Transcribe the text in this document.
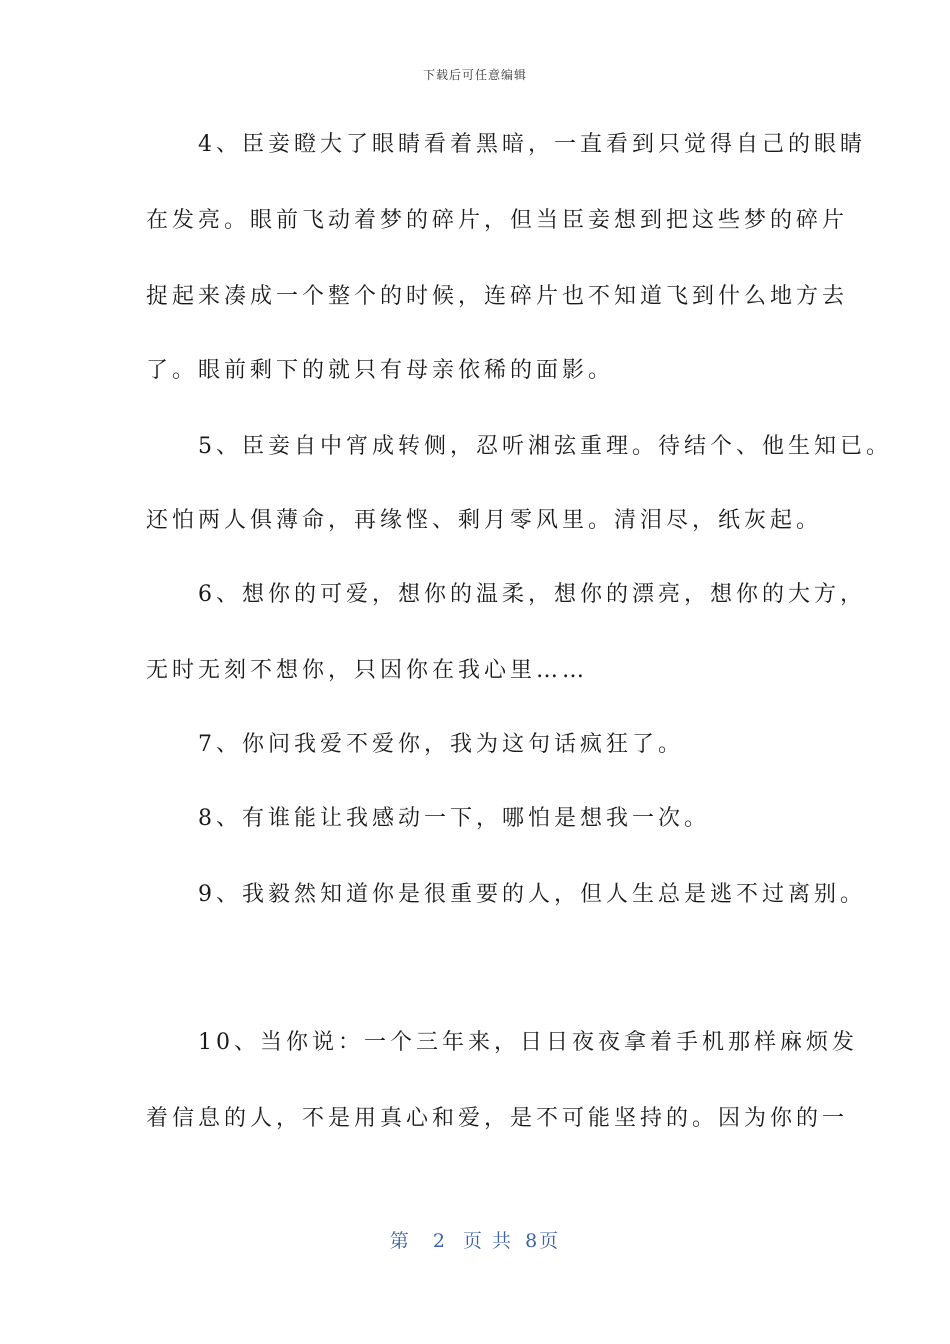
下载后可任意编辑
　　4、臣妾瞪大了眼睛看着黑暗，一直看到只觉得自己的眼睛
在发亮。眼前飞动着梦的碎片，但当臣妾想到把这些梦的碎片
捉起来凑成一个整个的时候，连碎片也不知道飞到什么地方去
了。眼前剩下的就只有母亲依稀的面影。
　　5、臣妾自中宵成转侧，忍听湘弦重理。待结个、他生知已。
还怕两人俱薄命，再缘悭、剩月零风里。清泪尽，纸灰起。
　　6、想你的可爱，想你的温柔，想你的漂亮，想你的大方，
无时无刻不想你，只因你在我心里……
　　7、你问我爱不爱你，我为这句话疯狂了。
　　8、有谁能让我感动一下，哪怕是想我一次。
　　9、我毅然知道你是很重要的人，但人生总是逃不过离别。
　　10、当你说：一个三年来，日日夜夜拿着手机那样麻烦发
着信息的人，不是用真心和爱，是不可能坚持的。因为你的一
第 2 页 共 8页
